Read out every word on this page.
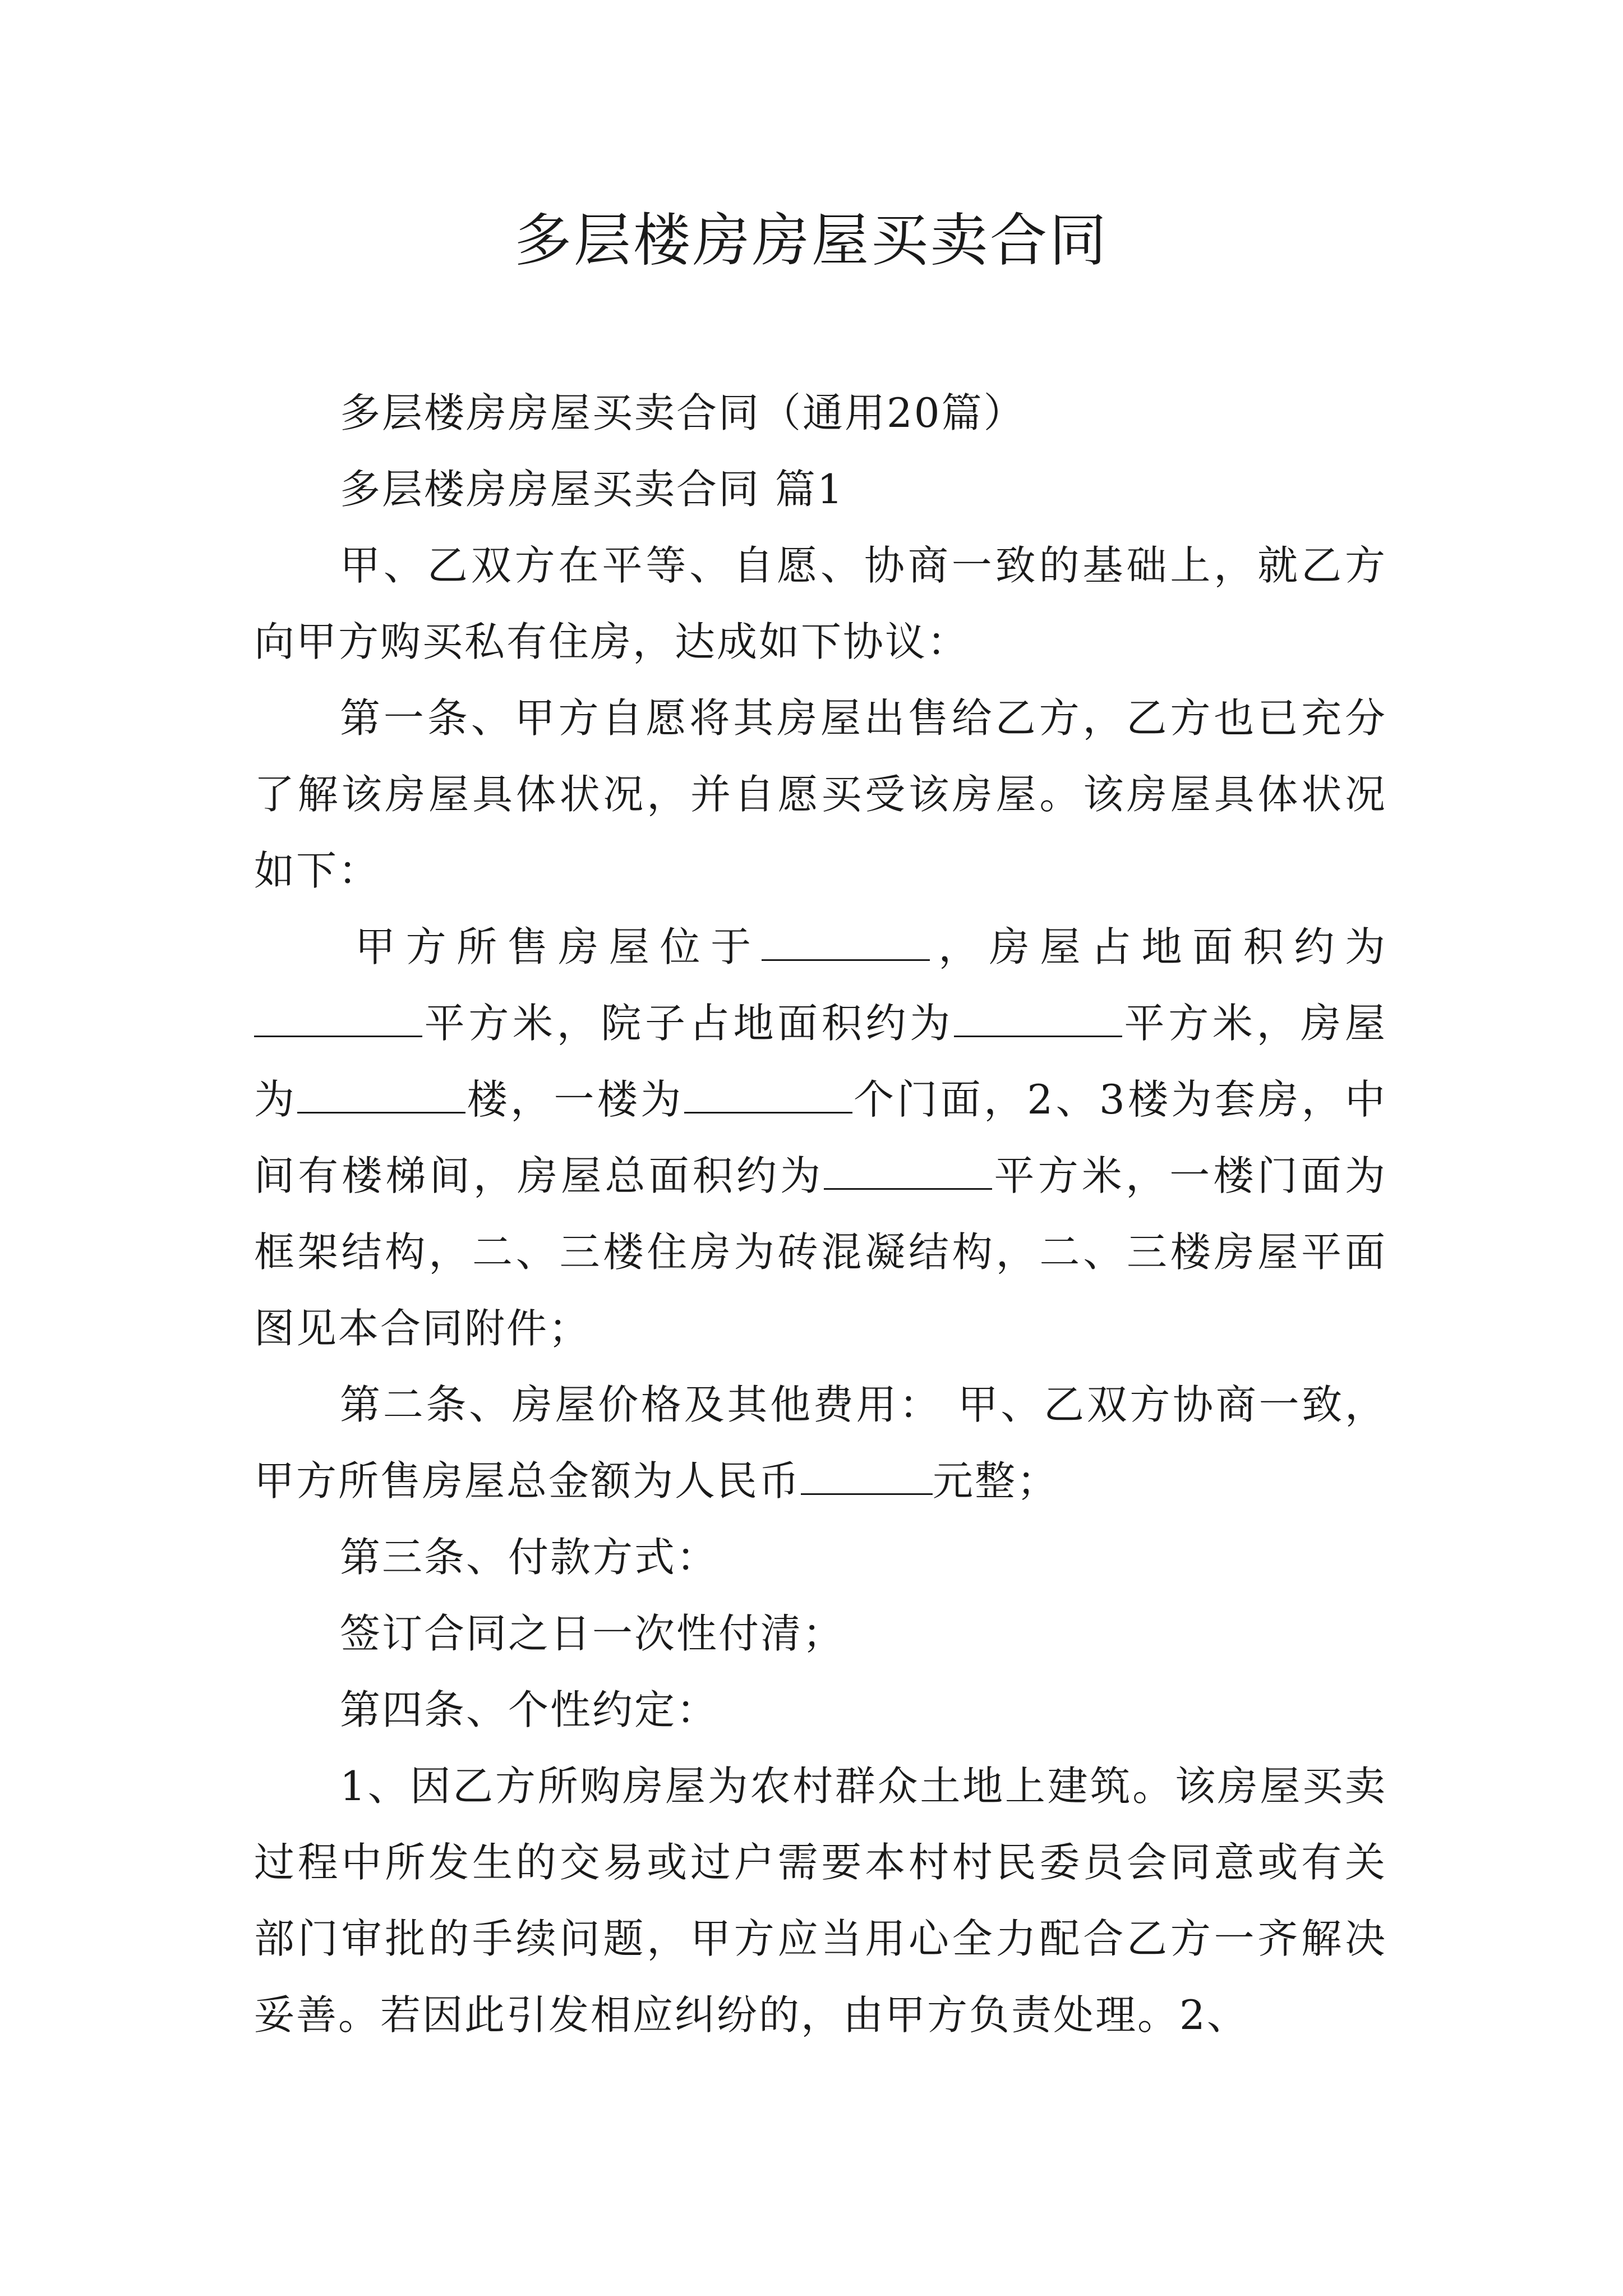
多层楼房房屋买卖合同

多层楼房房屋买卖合同（通用20篇）

多层楼房房屋买卖合同 篇1

甲、乙双方在平等、自愿、协商一致的基础上，就乙方向甲方购买私有住房，达成如下协议：

第一条、甲方自愿将其房屋出售给乙方，乙方也已充分了解该房屋具体状况，并自愿买受该房屋。该房屋具体状况如下：

甲方所售房屋位于	，房屋占地面积约为平方米，院子占地面积约为	平方米，房屋为	楼，一楼为	个门面，2、3楼为套房，中间有楼梯间，房屋总面积约为	平方米，一楼门面为框架结构，二、三楼住房为砖混凝结构，二、三楼房屋平面图见本合同附件；

第二条、房屋价格及其他费用： 甲、乙双方协商一致，甲方所售房屋总金额为人民币	元整；

第三条、付款方式：

签订合同之日一次性付清；

第四条、个性约定：

1、因乙方所购房屋为农村群众土地上建筑。该房屋买卖过程中所发生的交易或过户需要本村村民委员会同意或有关部门审批的手续问题，甲方应当用心全力配合乙方一齐解决妥善。若因此引发相应纠纷的，由甲方负责处理。2、
